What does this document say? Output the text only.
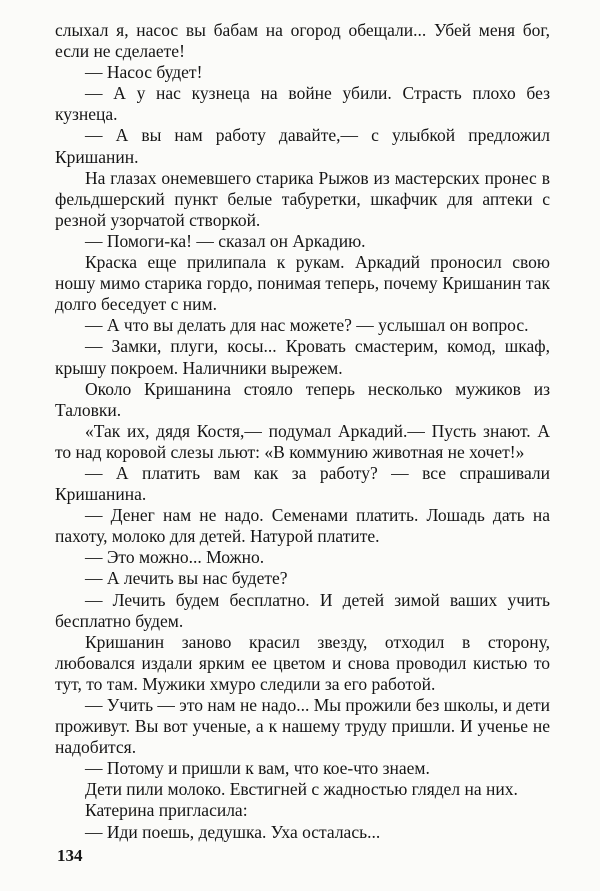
слыхал я, насос вы бабам на огород обещали... Убей меня бог, если не сделаете!

— Насос будет!

— А у нас кузнеца на войне убили. Страсть плохо без кузнеца.

— А вы нам работу давайте,— с улыбкой предложил Кришанин.

На глазах онемевшего старика Рыжов из мастерских пронес в фельдшерский пункт белые табуретки, шкафчик для аптеки с резной узорчатой створкой.

— Помоги-ка! — сказал он Аркадию.

Краска еще прилипала к рукам. Аркадий проносил свою ношу мимо старика гордо, понимая теперь, почему Кришанин так долго беседует с ним.

— А что вы делать для нас можете? — услышал он вопрос.

— Замки, плуги, косы... Кровать смастерим, комод, шкаф, крышу покроем. Наличники вырежем.

Около Кришанина стояло теперь несколько мужиков из Таловки.

«Так их, дядя Костя,— подумал Аркадий.— Пусть знают. А то над коровой слезы льют: «В коммунию животная не хочет!»

— А платить вам как за работу? — все спрашивали Кришанина.

— Денег нам не надо. Семенами платить. Лошадь дать на пахоту, молоко для детей. Натурой платите.

— Это можно... Можно.

— А лечить вы нас будете?

— Лечить будем бесплатно. И детей зимой ваших учить бесплатно будем.

Кришанин заново красил звезду, отходил в сторону, любовался издали ярким ее цветом и снова проводил кистью то тут, то там. Мужики хмуро следили за его работой.

— Учить — это нам не надо... Мы прожили без школы, и дети проживут. Вы вот ученые, а к нашему труду пришли. И ученье не надобится.

— Потому и пришли к вам, что кое-что знаем.

Дети пили молоко. Евстигней с жадностью глядел на них.

Катерина пригласила:

— Иди поешь, дедушка. Уха осталась...

134
